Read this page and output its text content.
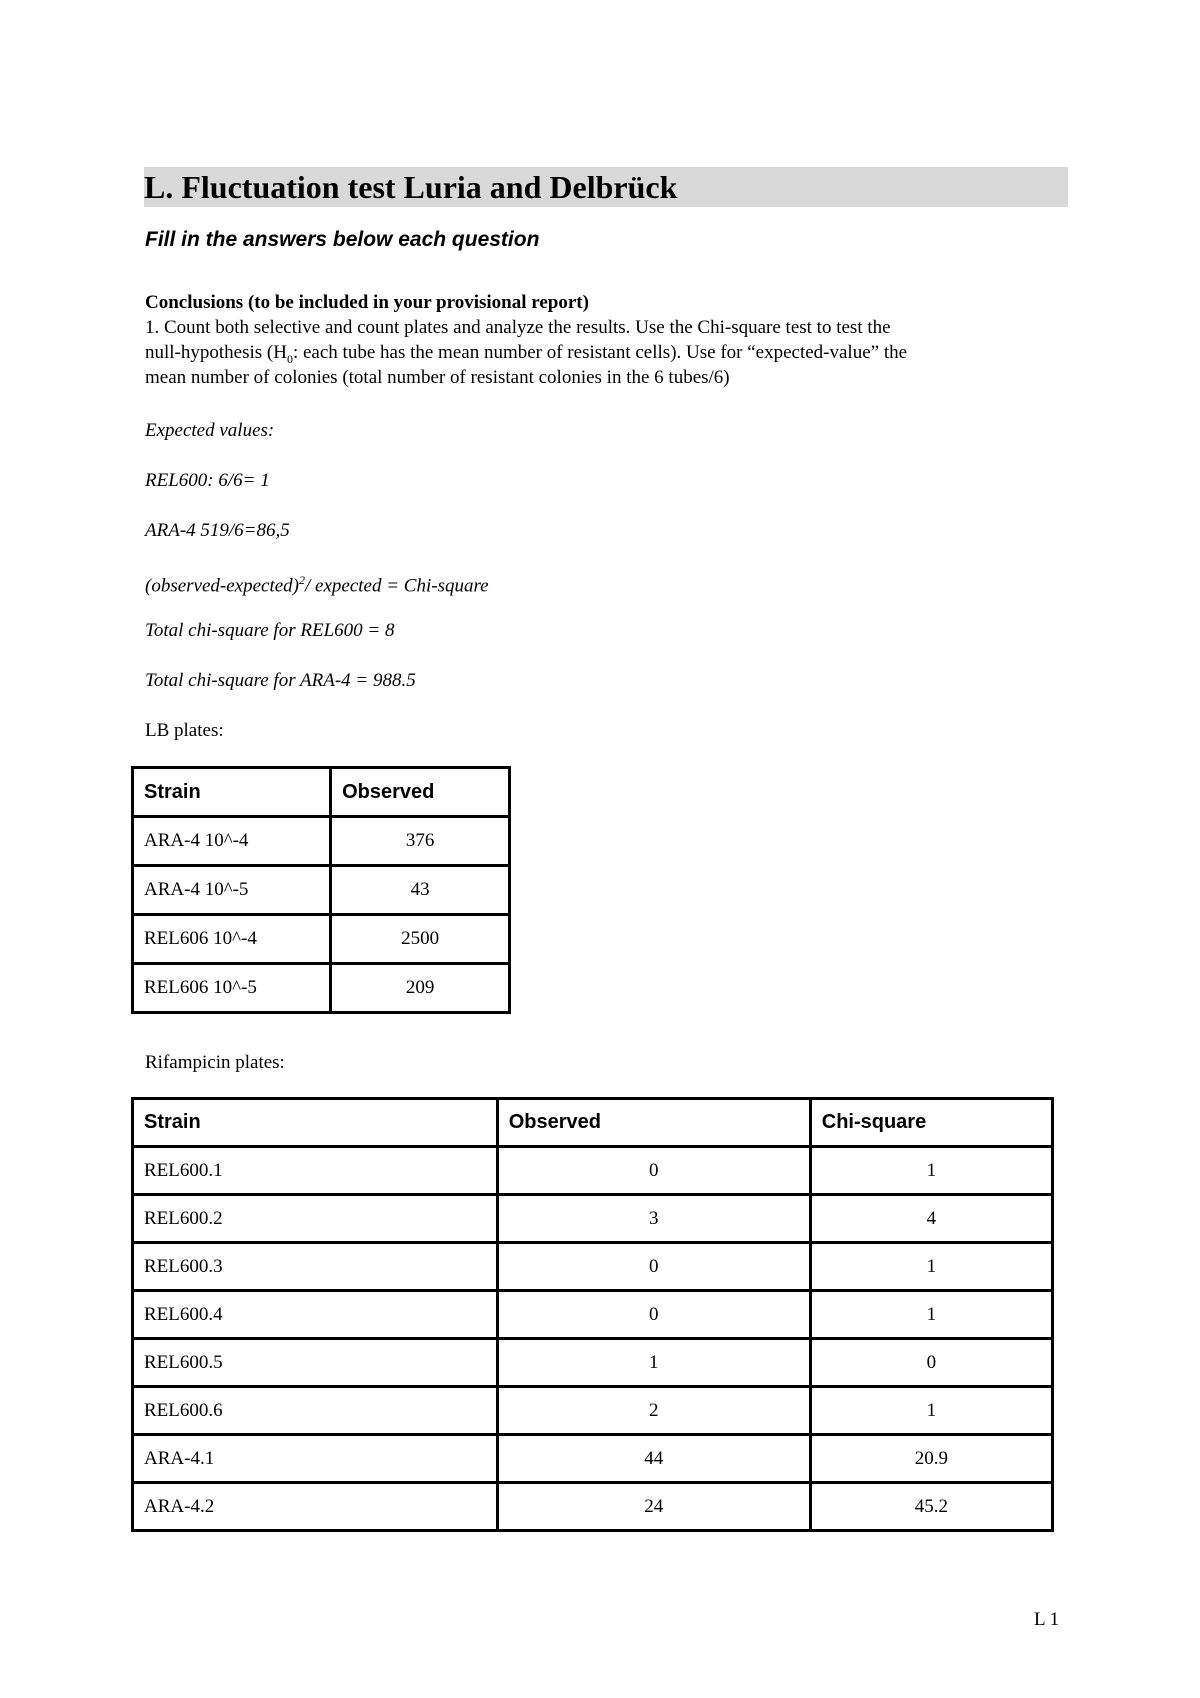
L. Fluctuation test Luria and Delbrück
Fill in the answers below each question
Conclusions (to be included in your provisional report)
1. Count both selective and count plates and analyze the results. Use the Chi-square test to test the
null-hypothesis ($H_0$: each tube has the mean number of resistant cells). Use for “expected-value” the
mean number of colonies (total number of resistant colonies in the 6 tubes/6)
Expected values:
REL600: 6/6= 1
ARA-4 519/6=86,5
(observed-expected)$^2$/ expected = Chi-square
Total chi-square for REL600 = 8
Total chi-square for ARA-4 = 988.5
LB plates:
Strain	Observed
ARA-4 10^-4	376
ARA-4 10^-5	43
REL606 10^-4	2500
REL606 10^-5	209
Rifampicin plates:
Strain	Observed	Chi-square
REL600.1	0	1
REL600.2	3	4
REL600.3	0	1
REL600.4	0	1
REL600.5	1	0
REL600.6	2	1
ARA-4.1	44	20.9
ARA-4.2	24	45.2
L 1
